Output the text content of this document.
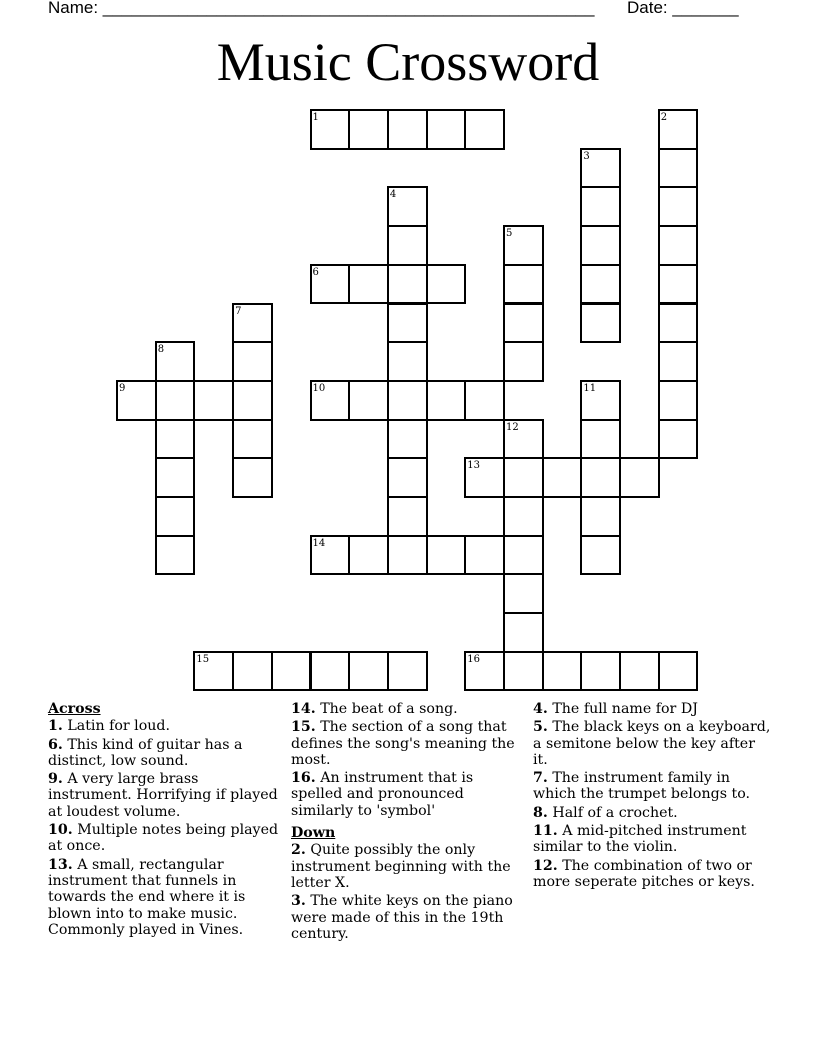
Name: ____________________________________________________ Date: _______
Music Crossword
1	2
3
4
5
6
7
8
9	10	11
12
13
14
15	16
Across
1. Latin for loud.
6. This kind of guitar has a distinct, low sound.
9. A very large brass instrument. Horrifying if played at loudest volume.
10. Multiple notes being played at once.
13. A small, rectangular instrument that funnels in towards the end where it is blown into to make music. Commonly played in Vines.
14. The beat of a song.
15. The section of a song that defines the song's meaning the most.
16. An instrument that is spelled and pronounced similarly to 'symbol'
Down
2. Quite possibly the only instrument beginning with the letter X.
3. The white keys on the piano were made of this in the 19th century.
4. The full name for DJ
5. The black keys on a keyboard, a semitone below the key after it.
7. The instrument family in which the trumpet belongs to.
8. Half of a crochet.
11. A mid-pitched instrument similar to the violin.
12. The combination of two or more seperate pitches or keys.
